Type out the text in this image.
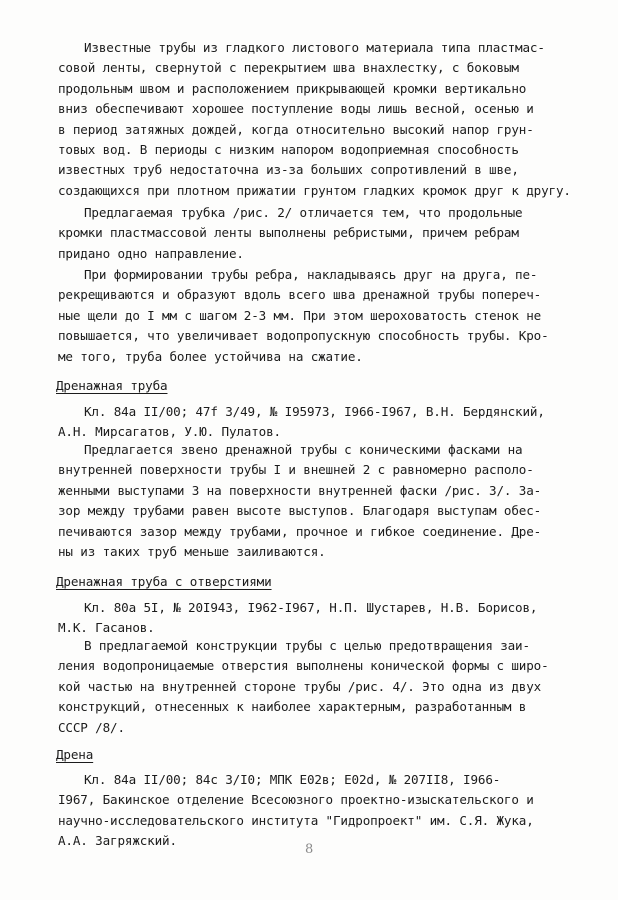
Известные трубы из гладкого листового материала типа пластмас-
совой ленты, свернутой с перекрытием шва внахлестку, с боковым
продольным швом и расположением прикрывающей кромки вертикально
вниз обеспечивают хорошее поступление воды лишь весной, осенью и
в период затяжных дождей, когда относительно высокий напор грун-
товых вод. В периоды с низким напором водоприемная способность
известных труб недостаточна из-за больших сопротивлений в шве,
создающихся при плотном прижатии грунтом гладких кромок друг к другу.
Предлагаемая трубка /рис. 2/ отличается тем, что продольные
кромки пластмассовой ленты выполнены ребристыми, причем ребрам
придано одно направление.
При формировании трубы ребра, накладываясь друг на друга, пе-
рекрещиваются и образуют вдоль всего шва дренажной трубы попереч-
ные щели до I мм с шагом 2-3 мм. При этом шероховатость стенок не
повышается, что увеличивает водопропускную способность трубы. Кро-
ме того, труба более устойчива на сжатие.
Дренажная труба
Кл. 84а II/00; 47f 3/49, № I95973, I966-I967, В.Н. Бердянский,
А.Н. Мирсагатов, У.Ю. Пулатов.
Предлагается звено дренажной трубы с коническими фасками на
внутренней поверхности трубы I и внешней 2 с равномерно располо-
женными выступами 3 на поверхности внутренней фаски /рис. 3/. За-
зор между трубами равен высоте выступов. Благодаря выступам обес-
печиваются зазор между трубами, прочное и гибкое соединение. Дре-
ны из таких труб меньше заиливаются.
Дренажная труба с отверстиями
Кл. 80а 5I, № 20I943, I962-I967, Н.П. Шустарев, Н.В. Борисов,
М.К. Гасанов.
В предлагаемой конструкции трубы с целью предотвращения заи-
ления водопроницаемые отверстия выполнены конической формы с широ-
кой частью на внутренней стороне трубы /рис. 4/. Это одна из двух
конструкций, отнесенных к наиболее характерным, разработанным в
СССР /8/.
Дрена
Кл. 84а II/00; 84с 3/I0; МПК Е02в; Е02d, № 207II8, I966-
I967, Бакинское отделение Всесоюзного проектно-изыскательского и
научно-исследовательского института "Гидропроект" им. С.Я. Жука,
А.А. Загряжский.
8
